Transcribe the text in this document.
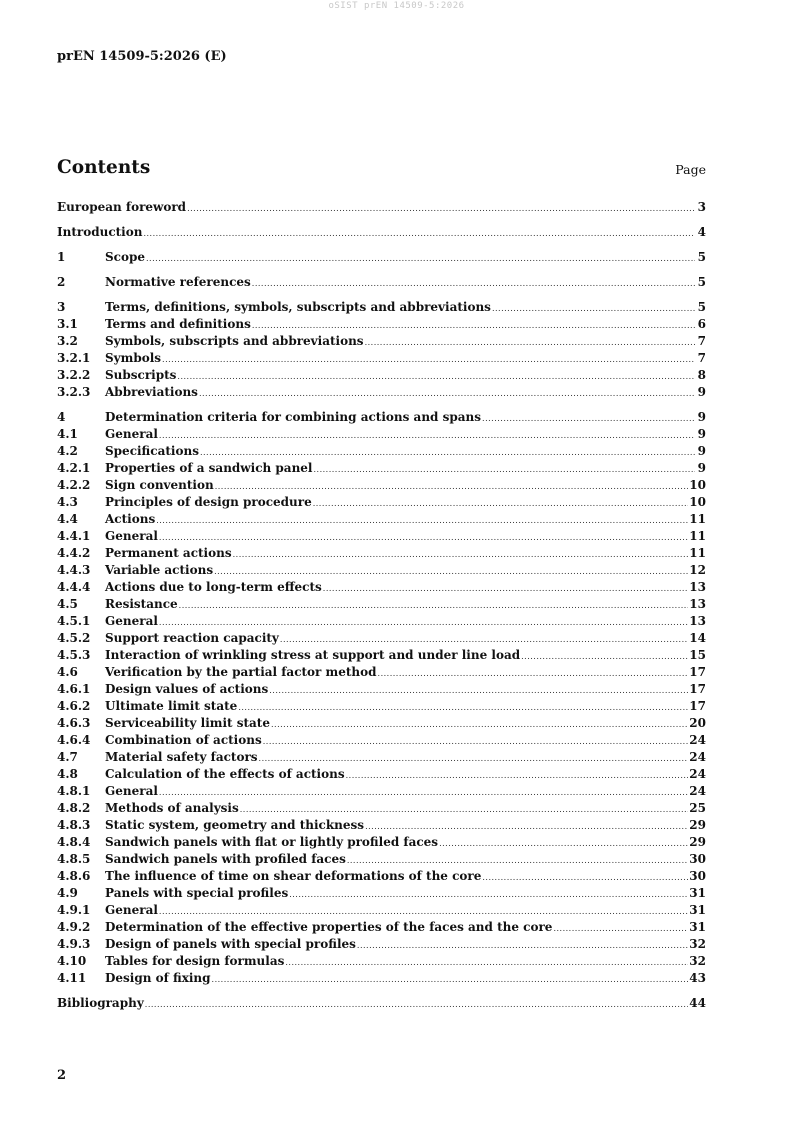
oSIST prEN 14509-5:2026
prEN 14509-5:2026 (E)
Contents	Page
European foreword .....	3
Introduction .....	4
1	Scope .....	5
2	Normative references .....	5
3	Terms, definitions, symbols, subscripts and abbreviations .....	5
3.1	Terms and definitions .....	6
3.2	Symbols, subscripts and abbreviations .....	7
3.2.1	Symbols .....	7
3.2.2	Subscripts .....	8
3.2.3	Abbreviations .....	9
4	Determination criteria for combining actions and spans .....	9
4.1	General .....	9
4.2	Specifications .....	9
4.2.1	Properties of a sandwich panel .....	9
4.2.2	Sign convention .....	10
4.3	Principles of design procedure .....	10
4.4	Actions .....	11
4.4.1	General .....	11
4.4.2	Permanent actions .....	11
4.4.3	Variable actions .....	12
4.4.4	Actions due to long-term effects .....	13
4.5	Resistance .....	13
4.5.1	General .....	13
4.5.2	Support reaction capacity .....	14
4.5.3	Interaction of wrinkling stress at support and under line load .....	15
4.6	Verification by the partial factor method .....	17
4.6.1	Design values of actions .....	17
4.6.2	Ultimate limit state .....	17
4.6.3	Serviceability limit state .....	20
4.6.4	Combination of actions .....	24
4.7	Material safety factors .....	24
4.8	Calculation of the effects of actions .....	24
4.8.1	General .....	24
4.8.2	Methods of analysis .....	25
4.8.3	Static system, geometry and thickness .....	29
4.8.4	Sandwich panels with flat or lightly profiled faces .....	29
4.8.5	Sandwich panels with profiled faces .....	30
4.8.6	The influence of time on shear deformations of the core .....	30
4.9	Panels with special profiles .....	31
4.9.1	General .....	31
4.9.2	Determination of the effective properties of the faces and the core .....	31
4.9.3	Design of panels with special profiles .....	32
4.10	Tables for design formulas .....	32
4.11	Design of fixing .....	43
Bibliography .....	44
2
